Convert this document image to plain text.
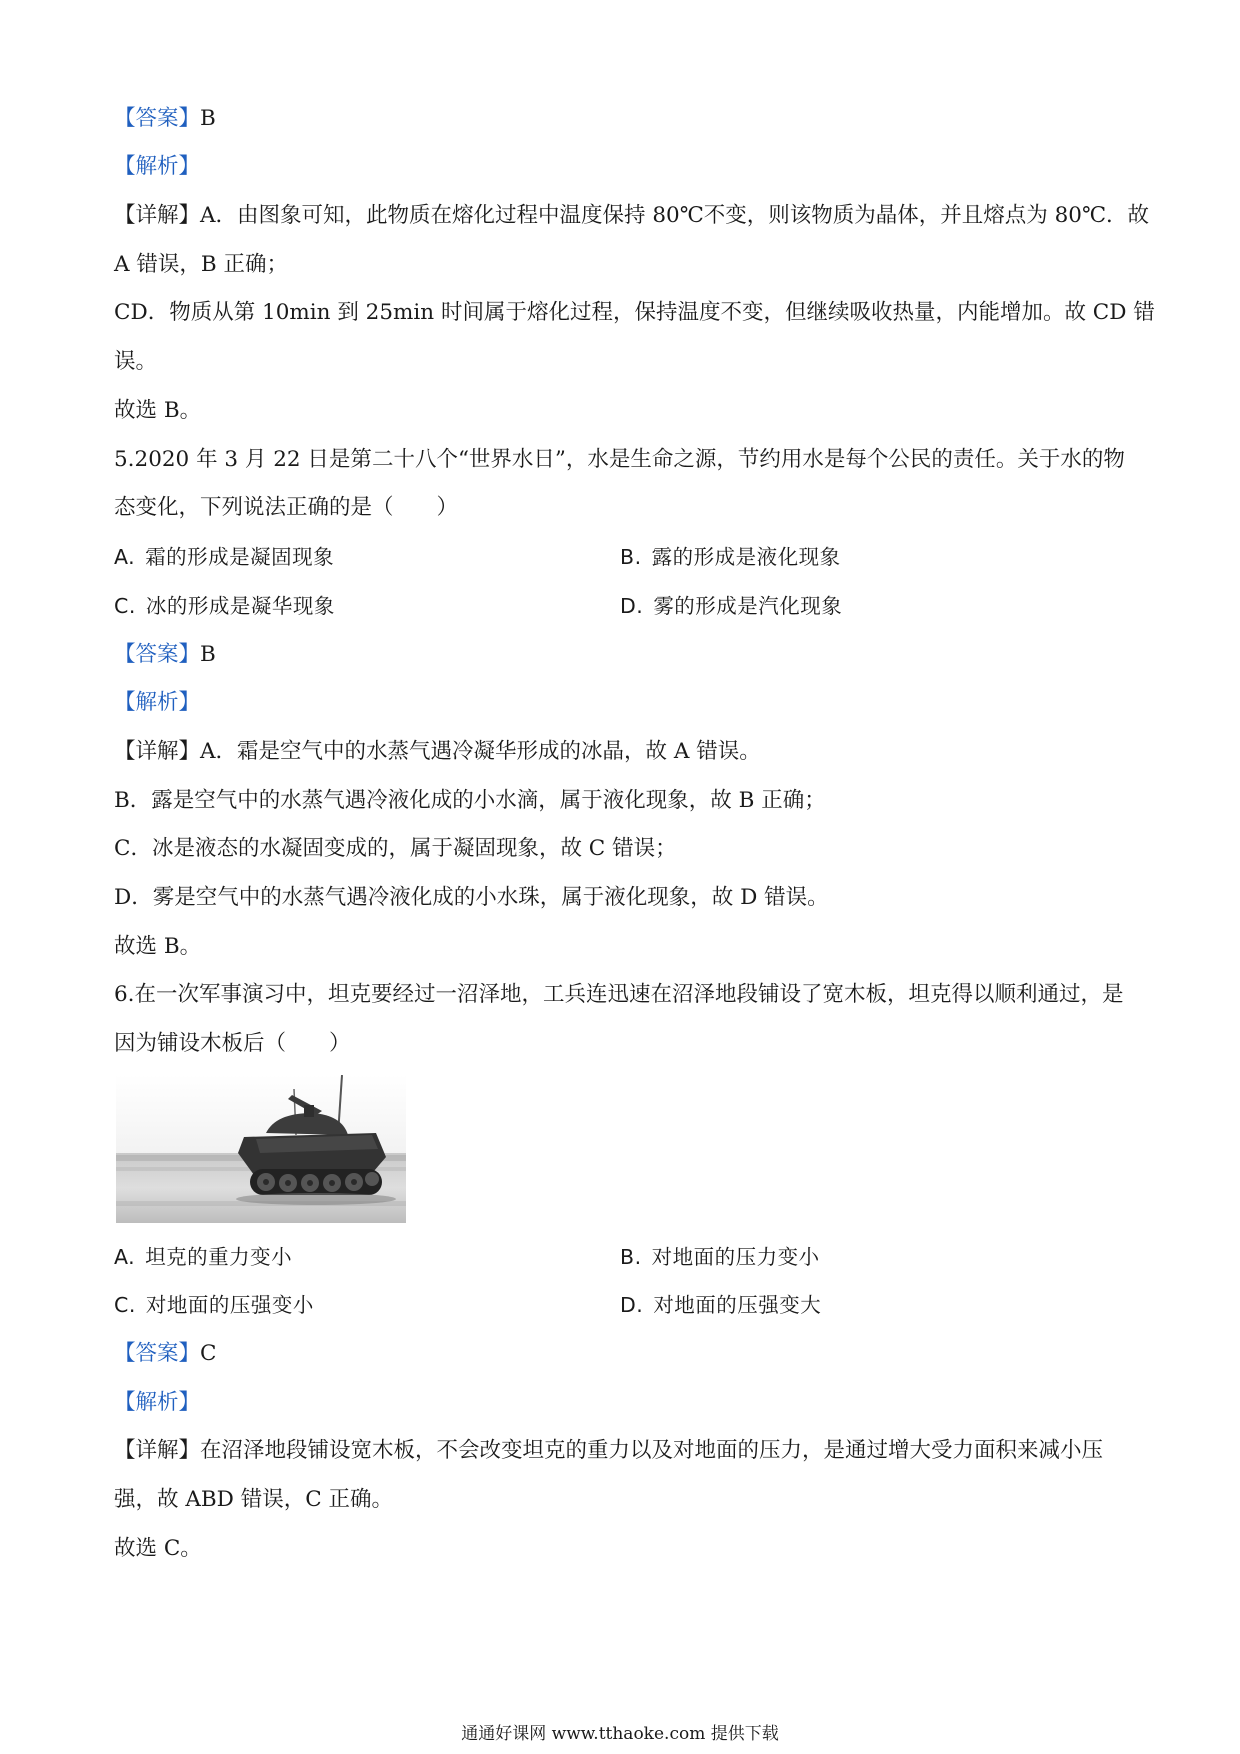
【答案】B
【解析】
【详解】A．由图象可知，此物质在熔化过程中温度保持 80℃不变，则该物质为晶体，并且熔点为 80℃．故
A 错误，B 正确；
CD．物质从第 10min 到 25min 时间属于熔化过程，保持温度不变，但继续吸收热量，内能增加。故 CD 错
误。
故选 B。
5.2020 年 3 月 22 日是第二十八个“世界水日”，水是生命之源，节约用水是每个公民的责任。关于水的物
态变化，下列说法正确的是（　　）
A. 霜的形成是凝固现象	B. 露的形成是液化现象
C. 冰的形成是凝华现象	D. 雾的形成是汽化现象
【答案】B
【解析】
【详解】A．霜是空气中的水蒸气遇冷凝华形成的冰晶，故 A 错误。
B．露是空气中的水蒸气遇冷液化成的小水滴，属于液化现象，故 B 正确；
C．冰是液态的水凝固变成的，属于凝固现象，故 C 错误；
D．雾是空气中的水蒸气遇冷液化成的小水珠，属于液化现象，故 D 错误。
故选 B。
6.在一次军事演习中，坦克要经过一沼泽地，工兵连迅速在沼泽地段铺设了宽木板，坦克得以顺利通过，是
因为铺设木板后（　　）
A. 坦克的重力变小	B. 对地面的压力变小
C. 对地面的压强变小	D. 对地面的压强变大
【答案】C
【解析】
【详解】在沼泽地段铺设宽木板，不会改变坦克的重力以及对地面的压力，是通过增大受力面积来减小压
强，故 ABD 错误，C 正确。
故选 C。
通通好课网 www.tthaoke.com 提供下载
